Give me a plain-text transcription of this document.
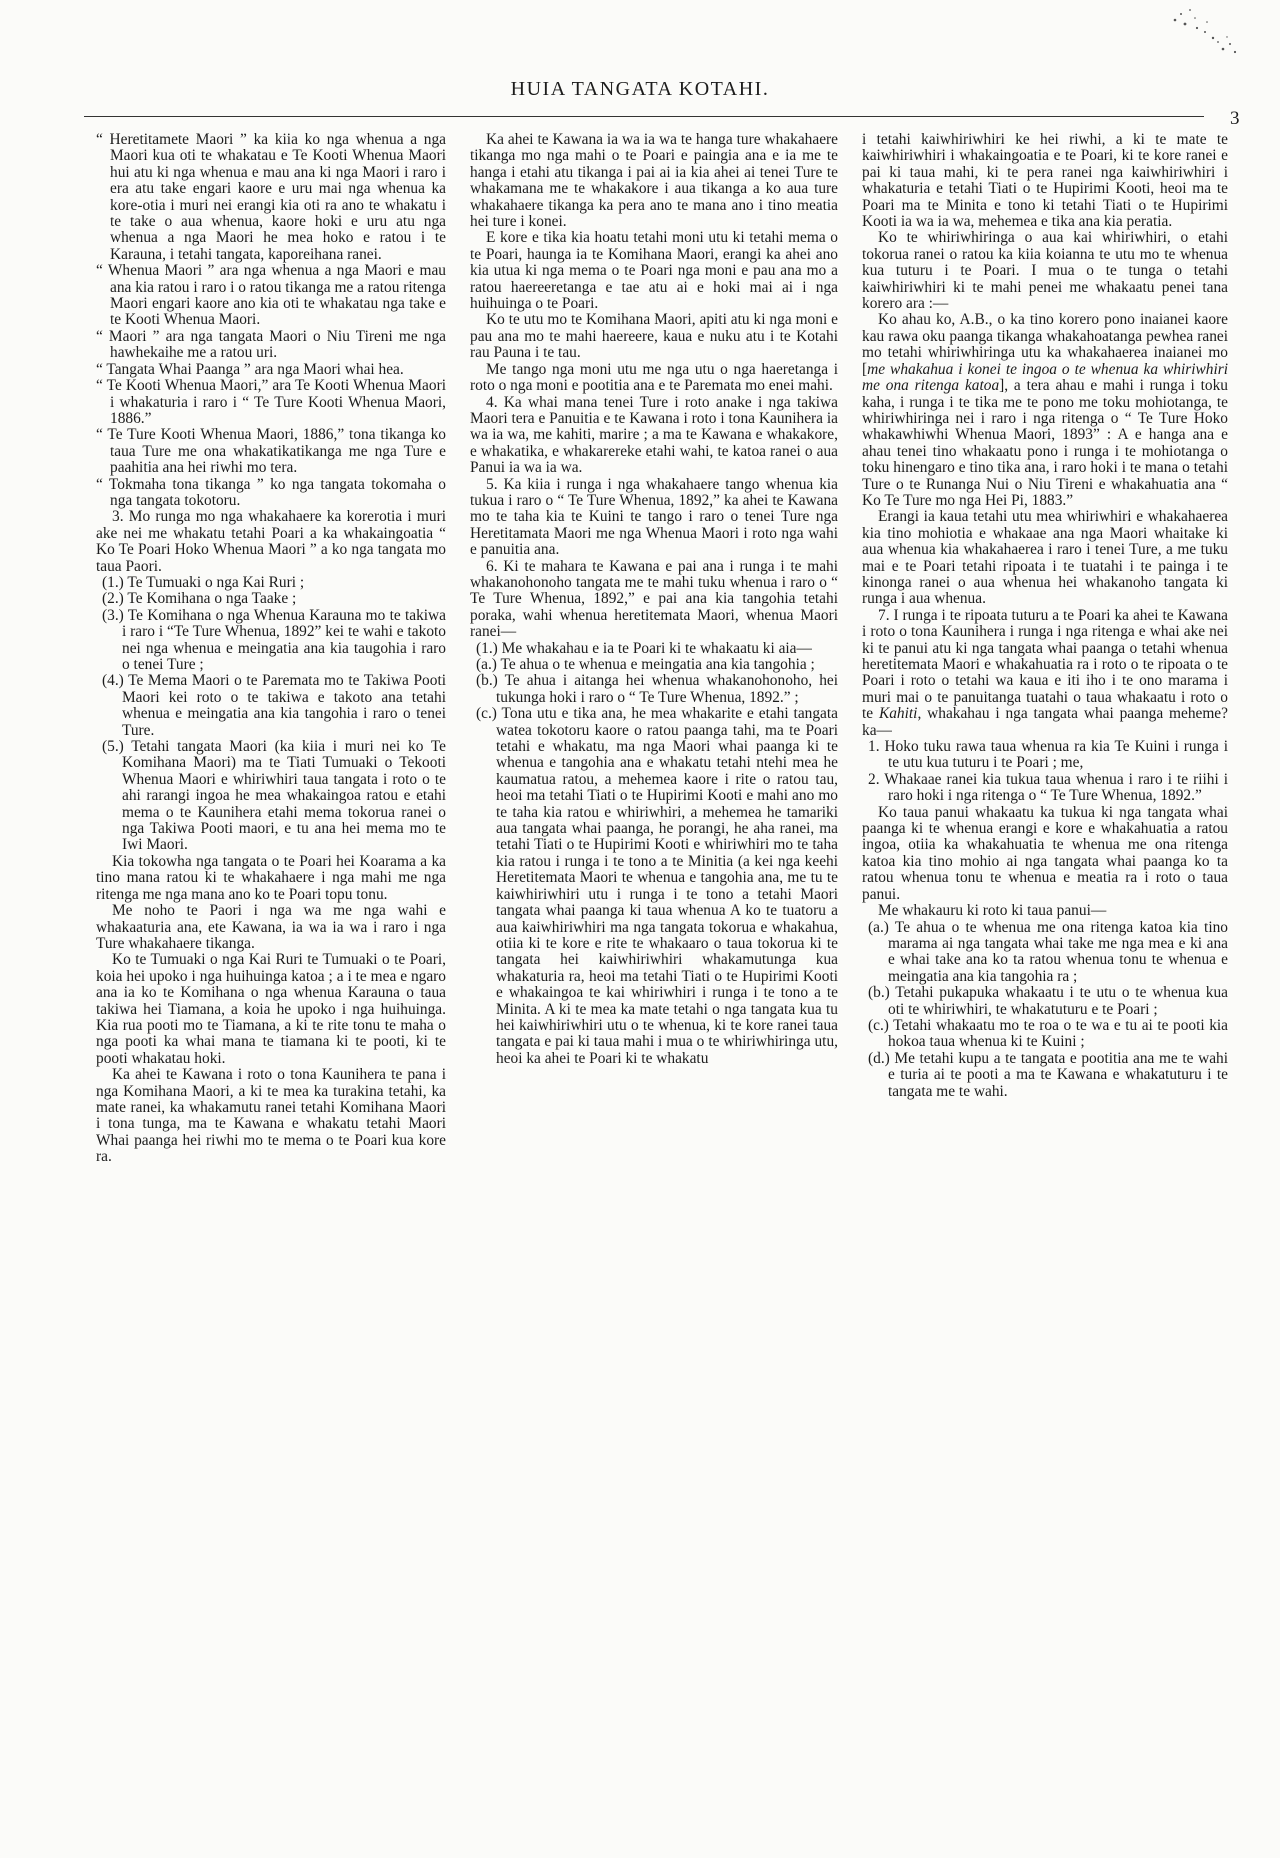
HUIA TANGATA KOTAHI.
3

“ Heretitamete Maori ” ka kiia ko nga whenua a nga Maori kua oti te whakatau e Te Kooti Whenua Maori hui atu ki nga whenua e mau ana ki nga Maori i raro i era atu take engari kaore e uru mai nga whenua ka kore-otia i muri nei erangi kia oti ra ano te whakatu i te take o aua whenua, kaore hoki e uru atu nga whenua a nga Maori he mea hoko e ratou i te Karauna, i tetahi tangata, kaporeihana ranei.

“ Whenua Maori ” ara nga whenua a nga Maori e mau ana kia ratou i raro i o ratou tikanga me a ratou ritenga Maori engari kaore ano kia oti te whakatau nga take e te Kooti Whenua Maori.

“ Maori ” ara nga tangata Maori o Niu Tireni me nga hawhekaihe me a ratou uri.

“ Tangata Whai Paanga ” ara nga Maori whai hea.

“ Te Kooti Whenua Maori,” ara Te Kooti Whenua Maori i whakaturia i raro i “ Te Ture Kooti Whenua Maori, 1886.”

“ Te Ture Kooti Whenua Maori, 1886,” tona tikanga ko taua Ture me ona whakatikatikanga me nga Ture e paahitia ana hei riwhi mo tera.

“ Tokmaha tona tikanga ” ko nga tangata tokomaha o nga tangata tokotoru.

3. Mo runga mo nga whakahaere ka korerotia i muri ake nei me whakatu tetahi Poari a ka whakaingoatia “ Ko Te Poari Hoko Whenua Maori ” a ko nga tangata mo taua Paori.

(1.) Te Tumuaki o nga Kai Ruri ;

(2.) Te Komihana o nga Taake ;

(3.) Te Komihana o nga Whenua Karauna mo te takiwa i raro i “Te Ture Whenua, 1892” kei te wahi e takoto nei nga whenua e meingatia ana kia taugohia i raro o tenei Ture ;

(4.) Te Mema Maori o te Paremata mo te Takiwa Pooti Maori kei roto o te takiwa e takoto ana tetahi whenua e meingatia ana kia tangohia i raro o tenei Ture.

(5.) Tetahi tangata Maori (ka kiia i muri nei ko Te Komihana Maori) ma te Tiati Tumuaki o Tekooti Whenua Maori e whiriwhiri taua tangata i roto o te ahi rarangi ingoa he mea whakaingoa ratou e etahi mema o te Kaunihera etahi mema tokorua ranei o nga Takiwa Pooti maori, e tu ana hei mema mo te Iwi Maori.

Kia tokowha nga tangata o te Poari hei Koarama a ka tino mana ratou ki te whakahaere i nga mahi me nga ritenga me nga mana ano ko te Poari topu tonu.

Me noho te Paori i nga wa me nga wahi e whakaaturia ana, ete Kawana, ia wa ia wa i raro i nga Ture whakahaere tikanga.

Ko te Tumuaki o nga Kai Ruri te Tumuaki o te Poari, koia hei upoko i nga huihuinga katoa ; a i te mea e ngaro ana ia ko te Komihana o nga whenua Karauna o taua takiwa hei Tiamana, a koia he upoko i nga huihuinga. Kia rua pooti mo te Tiamana, a ki te rite tonu te maha o nga pooti ka whai mana te tiamana ki te pooti, ki te pooti whakatau hoki.

Ka ahei te Kawana i roto o tona Kaunihera te pana i nga Komihana Maori, a ki te mea ka turakina tetahi, ka mate ranei, ka whakamutu ranei tetahi Komihana Maori i tona tunga, ma te Kawana e whakatu tetahi Maori Whai paanga hei riwhi mo te mema o te Poari kua kore ra.

Ka ahei te Kawana ia wa ia wa te hanga ture whakahaere tikanga mo nga mahi o te Poari e paingia ana e ia me te hanga i etahi atu tikanga i pai ai ia kia ahei ai tenei Ture te whakamana me te whakakore i aua tikanga a ko aua ture whakahaere tikanga ka pera ano te mana ano i tino meatia hei ture i konei.

E kore e tika kia hoatu tetahi moni utu ki tetahi mema o te Poari, haunga ia te Komihana Maori, erangi ka ahei ano kia utua ki nga mema o te Poari nga moni e pau ana mo a ratou haereeretanga e tae atu ai e hoki mai ai i nga huihuinga o te Poari.

Ko te utu mo te Komihana Maori, apiti atu ki nga moni e pau ana mo te mahi haereere, kaua e nuku atu i te Kotahi rau Pauna i te tau.

Me tango nga moni utu me nga utu o nga haeretanga i roto o nga moni e pootitia ana e te Paremata mo enei mahi.

4. Ka whai mana tenei Ture i roto anake i nga takiwa Maori tera e Panuitia e te Kawana i roto i tona Kaunihera ia wa ia wa, me kahiti, marire ; a ma te Kawana e whakakore, e whakatika, e whakarereke etahi wahi, te katoa ranei o aua Panui ia wa ia wa.

5. Ka kiia i runga i nga whakahaere tango whenua kia tukua i raro o “ Te Ture Whenua, 1892,” ka ahei te Kawana mo te taha kia te Kuini te tango i raro o tenei Ture nga Heretitamata Maori me nga Whenua Maori i roto nga wahi e panuitia ana.

6. Ki te mahara te Kawana e pai ana i runga i te mahi whakanohonoho tangata me te mahi tuku whenua i raro o “ Te Ture Whenua, 1892,” e pai ana kia tangohia tetahi poraka, wahi whenua heretitemata Maori, whenua Maori ranei—

(1.) Me whakahau e ia te Poari ki te whakaatu ki aia—

(a.) Te ahua o te whenua e meingatia ana kia tangohia ;

(b.) Te ahua i aitanga hei whenua whakanohonoho, hei tukunga hoki i raro o “ Te Ture Whenua, 1892.” ;

(c.) Tona utu e tika ana, he mea whakarite e etahi tangata watea tokotoru kaore o ratou paanga tahi, ma te Poari tetahi e whakatu, ma nga Maori whai paanga ki te whenua e tangohia ana e whakatu tetahi ntehi mea he kaumatua ratou, a mehemea kaore i rite o ratou tau, heoi ma tetahi Tiati o te Hupirimi Kooti e mahi ano mo te taha kia ratou e whiriwhiri, a mehemea he tamariki aua tangata whai paanga, he porangi, he aha ranei, ma tetahi Tiati o te Hupirimi Kooti e whiriwhiri mo te taha kia ratou i runga i te tono a te Minitia (a kei nga keehi Heretitemata Maori te whenua e tangohia ana, me tu te kaiwhiriwhiri utu i runga i te tono a tetahi Maori tangata whai paanga ki taua whenua A ko te tuatoru a aua kaiwhiriwhiri ma nga tangata tokorua e whakahua, otiia ki te kore e rite te whakaaro o taua tokorua ki te tangata hei kaiwhiriwhiri whakamutunga kua whakaturia ra, heoi ma tetahi Tiati o te Hupirimi Kooti e whakaingoa te kai whiriwhiri i runga i te tono a te Minita. A ki te mea ka mate tetahi o nga tangata kua tu hei kaiwhiriwhiri utu o te whenua, ki te kore ranei taua tangata e pai ki taua mahi i mua o te whiriwhiringa utu, heoi ka ahei te Poari ki te whakatu

i tetahi kaiwhiriwhiri ke hei riwhi, a ki te mate te kaiwhiriwhiri i whakaingoatia e te Poari, ki te kore ranei e pai ki taua mahi, ki te pera ranei nga kaiwhiriwhiri i whakaturia e tetahi Tiati o te Hupirimi Kooti, heoi ma te Poari ma te Minita e tono ki tetahi Tiati o te Hupirimi Kooti ia wa ia wa, mehemea e tika ana kia peratia.

Ko te whiriwhiringa o aua kai whiriwhiri, o etahi tokorua ranei o ratou ka kiia koianna te utu mo te whenua kua tuturu i te Poari. I mua o te tunga o tetahi kaiwhiriwhiri ki te mahi penei me whakaatu penei tana korero ara :—

Ko ahau ko, A.B., o ka tino korero pono inaianei kaore kau rawa oku paanga tikanga whakahoatanga pewhea ranei mo tetahi whiriwhiringa utu ka whakahaerea inaianei mo [me whakahua i konei te ingoa o te whenua ka whiriwhiri me ona ritenga katoa], a tera ahau e mahi i runga i toku kaha, i runga i te tika me te pono me toku mohiotanga, te whiriwhiringa nei i raro i nga ritenga o “ Te Ture Hoko whakawhiwhi Whenua Maori, 1893” : A e hanga ana e ahau tenei tino whakaatu pono i runga i te mohiotanga o toku hinengaro e tino tika ana, i raro hoki i te mana o tetahi Ture o te Runanga Nui o Niu Tireni e whakahuatia ana “ Ko Te Ture mo nga Hei Pi, 1883.”

Erangi ia kaua tetahi utu mea whiriwhiri e whakahaerea kia tino mohiotia e whakaae ana nga Maori whaitake ki aua whenua kia whakahaerea i raro i tenei Ture, a me tuku mai e te Poari tetahi ripoata i te tuatahi i te painga i te kinonga ranei o aua whenua hei whakanoho tangata ki runga i aua whenua.

7. I runga i te ripoata tuturu a te Poari ka ahei te Kawana i roto o tona Kaunihera i runga i nga ritenga e whai ake nei ki te panui atu ki nga tangata whai paanga o tetahi whenua heretitemata Maori e whakahuatia ra i roto o te ripoata o te Poari i roto o tetahi wa kaua e iti iho i te ono marama i muri mai o te panuitanga tuatahi o taua whakaatu i roto o te Kahiti, whakahau i nga tangata whai paanga meheme? ka—

1. Hoko tuku rawa taua whenua ra kia Te Kuini i runga i te utu kua tuturu i te Poari ; me,

2. Whakaae ranei kia tukua taua whenua i raro i te riihi i raro hoki i nga ritenga o “ Te Ture Whenua, 1892.”

Ko taua panui whakaatu ka tukua ki nga tangata whai paanga ki te whenua erangi e kore e whakahuatia a ratou ingoa, otiia ka whakahuatia te whenua me ona ritenga katoa kia tino mohio ai nga tangata whai paanga ko ta ratou whenua tonu te whenua e meatia ra i roto o taua panui.

Me whakauru ki roto ki taua panui—

(a.) Te ahua o te whenua me ona ritenga katoa kia tino marama ai nga tangata whai take me nga mea e ki ana e whai take ana ko ta ratou whenua tonu te whenua e meingatia ana kia tangohia ra ;

(b.) Tetahi pukapuka whakaatu i te utu o te whenua kua oti te whiriwhiri, te whakatuturu e te Poari ;

(c.) Tetahi whakaatu mo te roa o te wa e tu ai te pooti kia hokoa taua whenua ki te Kuini ;

(d.) Me tetahi kupu a te tangata e pootitia ana me te wahi e turia ai te pooti a ma te Kawana e whakatuturu i te tangata me te wahi.
